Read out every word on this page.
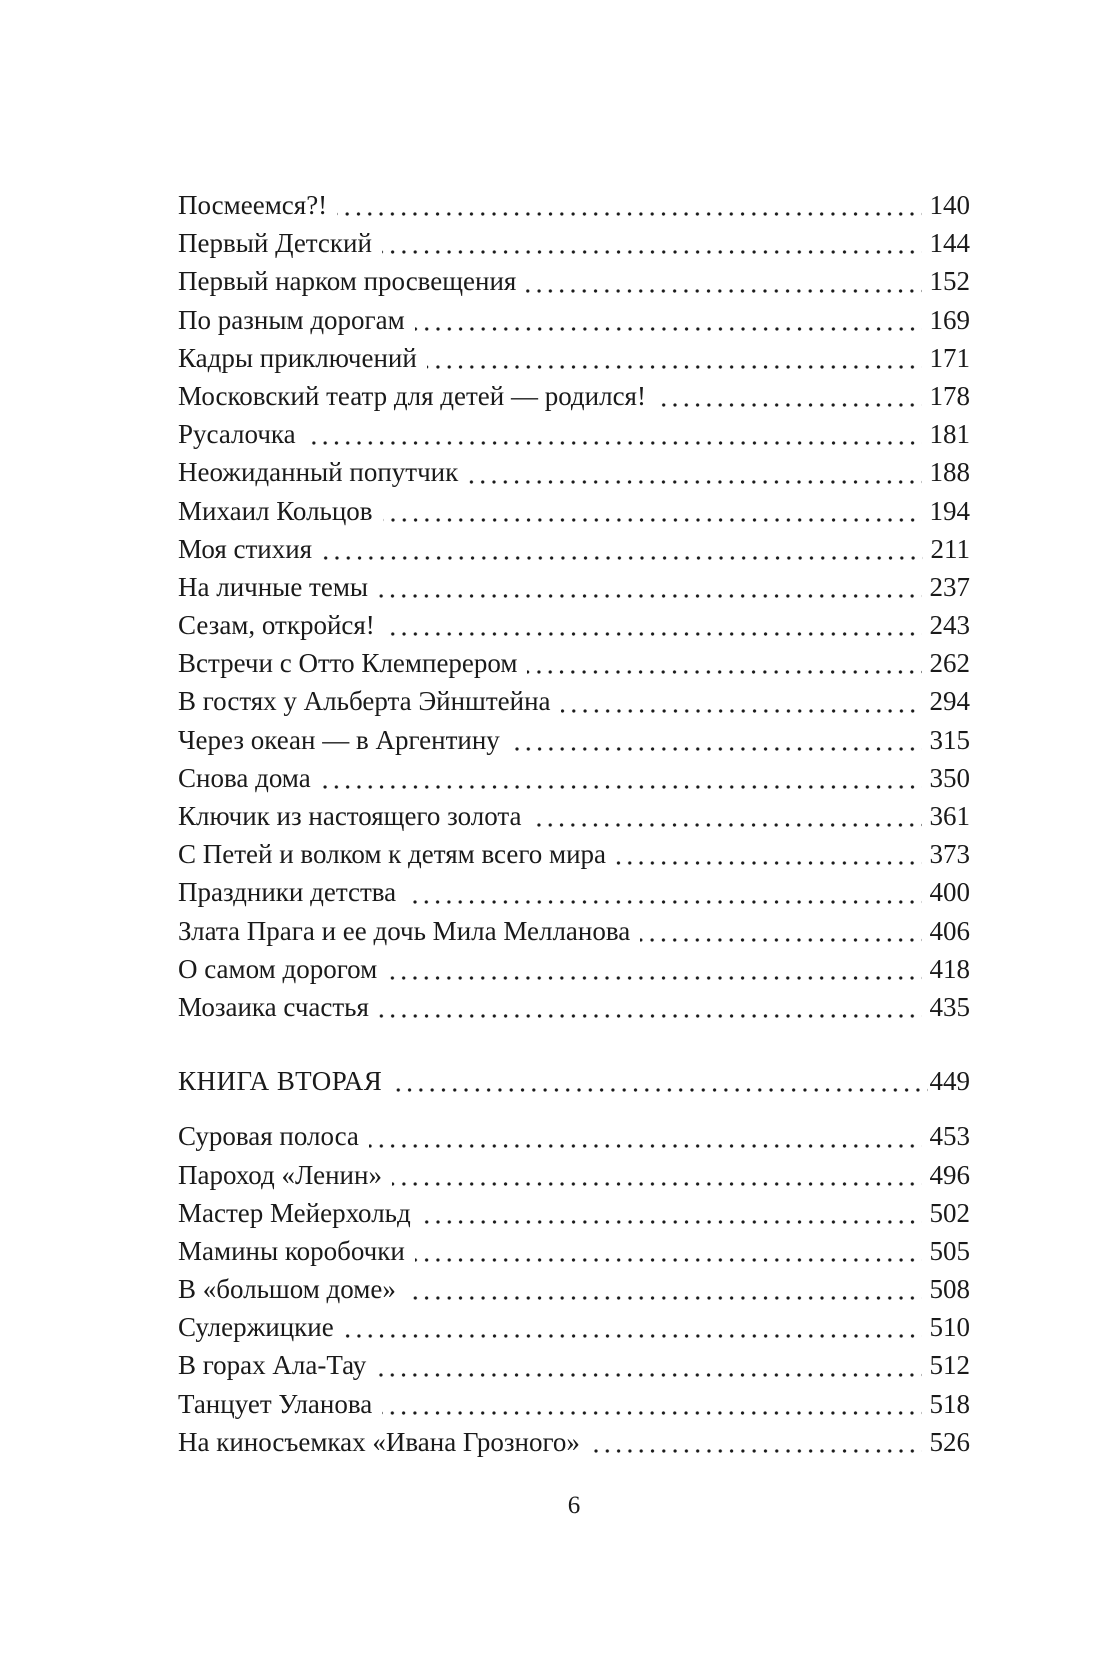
Посмеемся?!	140
Первый Детский	144
Первый нарком просвещения	152
По разным дорогам	169
Кадры приключений	171
Московский театр для детей — родился!	178
Русалочка	181
Неожиданный попутчик	188
Михаил Кольцов	194
Моя стихия	211
На личные темы	237
Сезам, откройся!	243
Встречи с Отто Клемперером	262
В гостях у Альберта Эйнштейна	294
Через океан — в Аргентину	315
Снова дома	350
Ключик из настоящего золота	361
С Петей и волком к детям всего мира	373
Праздники детства	400
Злата Прага и ее дочь Мила Мелланова	406
О самом дорогом	418
Мозаика счастья	435
КНИГА ВТОРАЯ	449
Суровая полоса	453
Пароход «Ленин»	496
Мастер Мейерхольд	502
Мамины коробочки	505
В «большом доме»	508
Сулержицкие	510
В горах Ала-Тау	512
Танцует Уланова	518
На киносъемках «Ивана Грозного»	526
6
